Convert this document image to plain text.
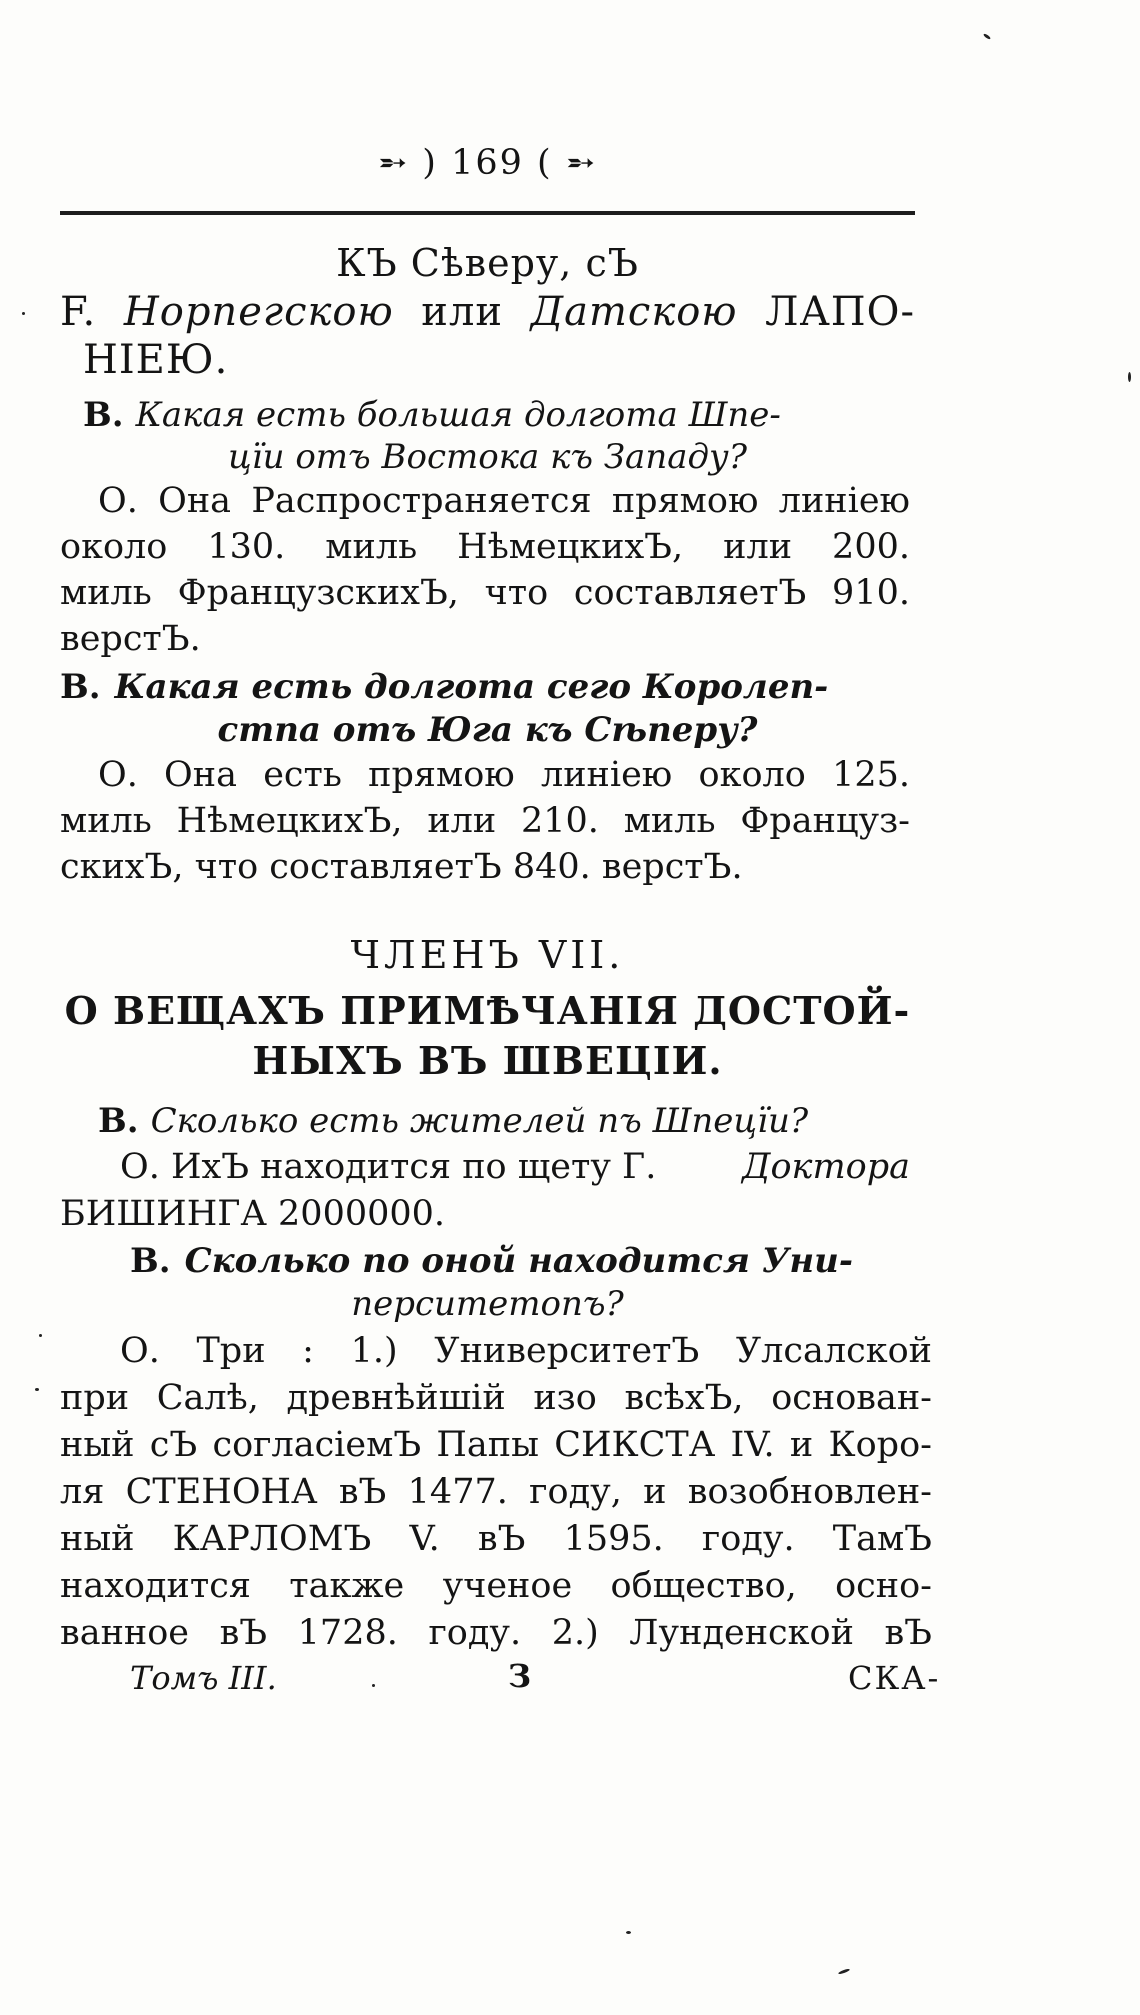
➵ ) 169 ( ➵
КЪ Сѣверу, сЪ
F. Норпегскою или Датскою ЛАПО-
НІЕЮ.
В. Какая есть большая долгота Шпе-
цїи отъ Востока къ Западу?
О. Она Распространяется прямою линіею
около 130. миль НѣмецкихЪ, или 200.
миль ФранцузскихЪ, что составляетЪ 910.
верстЪ.
В. Какая есть долгота сего Королеп-
стпа отъ Юга къ Сѣперу?
О. Она есть прямою линіею около 125.
миль НѣмецкихЪ, или 210. миль Француз-
скихЪ, что составляетЪ 840. верстЪ.
ЧЛЕНЪ VII.
О ВЕЩАХЪ ПРИМѢЧАНІЯ ДОСТОЙ-
НЫХЪ ВЪ ШВЕЦІИ.
В. Сколько есть жителей пъ Шпецїи?
О. ИхЪ находится по щету Г. Доктора
БИШИНГА 2000000.
В. Сколько по оной находится Уни-
перситетопъ?
О. Три : 1.) УниверситетЪ Улсалской
при Салѣ, древнѣйшій изо всѣхЪ, основан-
ный сЪ согласіемЪ Папы СИКСТА IV. и Коро-
ля СТЕНОНА вЪ 1477. году, и возобновлен-
ный КАРЛОМЪ V. вЪ 1595. году. ТамЪ
находится также ученое общество, осно-
ванное вЪ 1728. году. 2.) Лунденской вЪ
Томъ III.	З	СКА-
